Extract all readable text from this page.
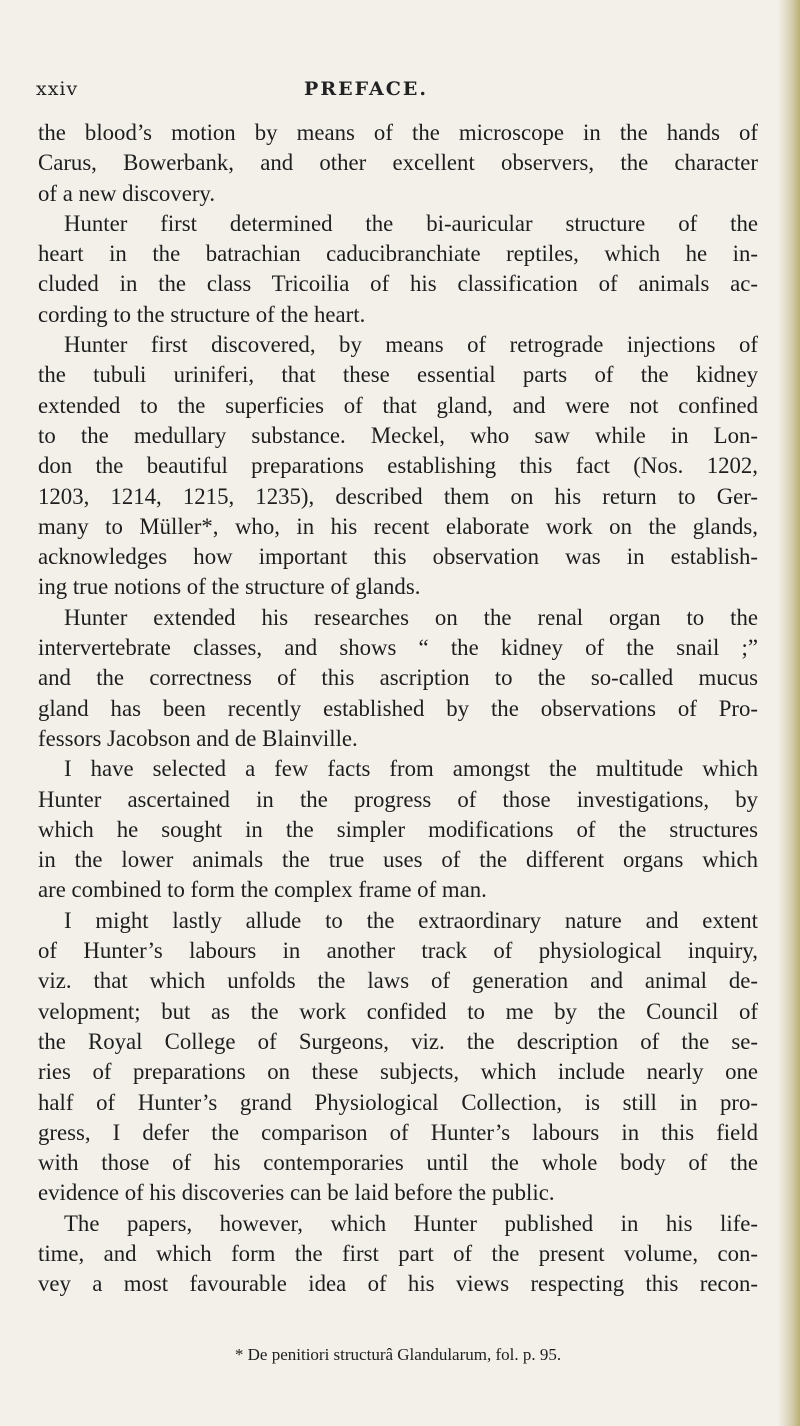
xxiv	PREFACE.
the blood’s motion by means of the microscope in the hands of
Carus, Bowerbank, and other excellent observers, the character
of a new discovery.
Hunter first determined the bi-auricular structure of the
heart in the batrachian caducibranchiate reptiles, which he in-
cluded in the class Tricoilia of his classification of animals ac-
cording to the structure of the heart.
Hunter first discovered, by means of retrograde injections of
the tubuli uriniferi, that these essential parts of the kidney
extended to the superficies of that gland, and were not confined
to the medullary substance. Meckel, who saw while in Lon-
don the beautiful preparations establishing this fact (Nos. 1202,
1203, 1214, 1215, 1235), described them on his return to Ger-
many to Müller*, who, in his recent elaborate work on the glands,
acknowledges how important this observation was in establish-
ing true notions of the structure of glands.
Hunter extended his researches on the renal organ to the
intervertebrate classes, and shows “ the kidney of the snail ;”
and the correctness of this ascription to the so-called mucus
gland has been recently established by the observations of Pro-
fessors Jacobson and de Blainville.
I have selected a few facts from amongst the multitude which
Hunter ascertained in the progress of those investigations, by
which he sought in the simpler modifications of the structures
in the lower animals the true uses of the different organs which
are combined to form the complex frame of man.
I might lastly allude to the extraordinary nature and extent
of Hunter’s labours in another track of physiological inquiry,
viz. that which unfolds the laws of generation and animal de-
velopment; but as the work confided to me by the Council of
the Royal College of Surgeons, viz. the description of the se-
ries of preparations on these subjects, which include nearly one
half of Hunter’s grand Physiological Collection, is still in pro-
gress, I defer the comparison of Hunter’s labours in this field
with those of his contemporaries until the whole body of the
evidence of his discoveries can be laid before the public.
The papers, however, which Hunter published in his life-
time, and which form the first part of the present volume, con-
vey a most favourable idea of his views respecting this recon-
* De penitiori structurâ Glandularum, fol. p. 95.
